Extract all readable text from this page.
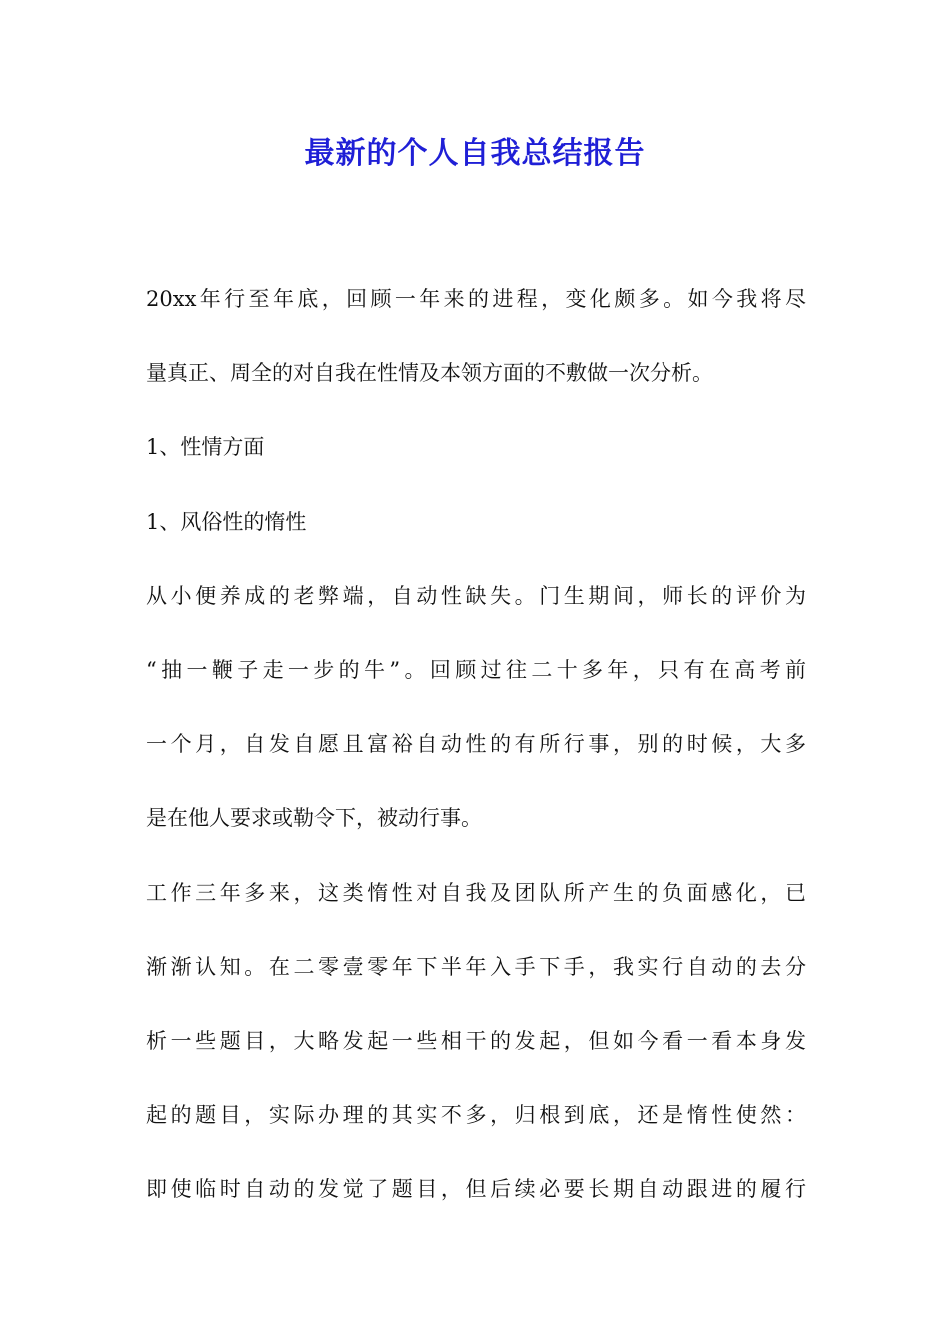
最新的个人自我总结报告
20xx年行至年底，回顾一年来的进程，变化颇多。如今我将尽
量真正、周全的对自我在性情及本领方面的不敷做一次分析。
1、性情方面
1、风俗性的惰性
从小便养成的老弊端，自动性缺失。门生期间，师长的评价为
“抽一鞭子走一步的牛”。回顾过往二十多年，只有在高考前
一个月，自发自愿且富裕自动性的有所行事，别的时候，大多
是在他人要求或勒令下，被动行事。
工作三年多来，这类惰性对自我及团队所产生的负面感化，已
渐渐认知。在二零壹零年下半年入手下手，我实行自动的去分
析一些题目，大略发起一些相干的发起，但如今看一看本身发
起的题目，实际办理的其实不多，归根到底，还是惰性使然：
即使临时自动的发觉了题目，但后续必要长期自动跟进的履行
